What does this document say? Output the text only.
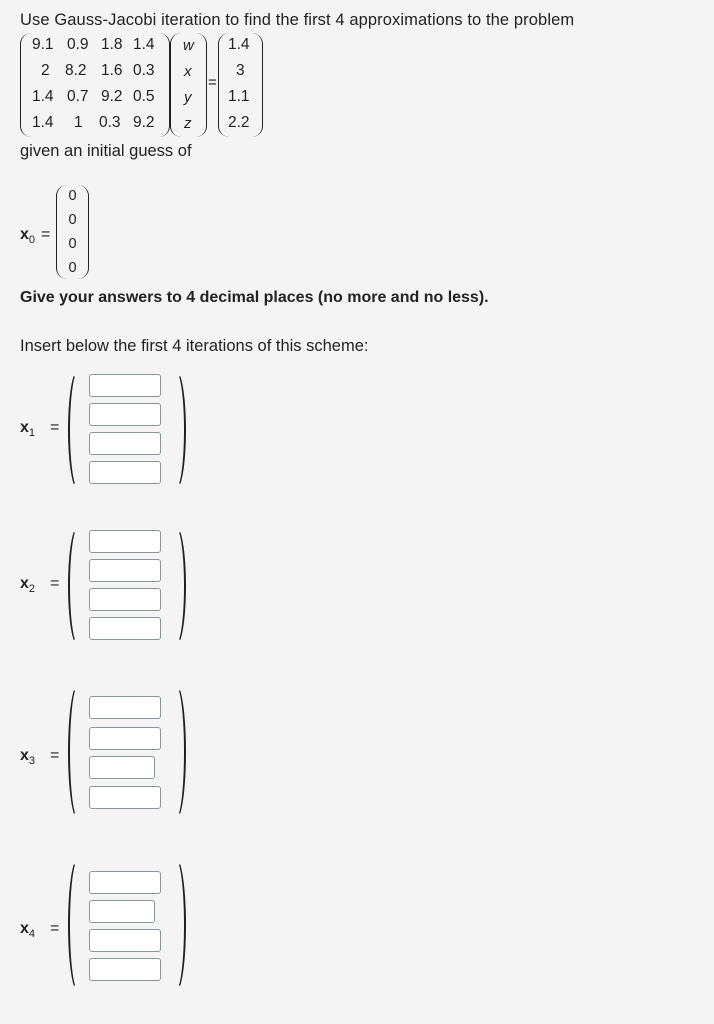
Use Gauss-Jacobi iteration to find the first 4 approximations to the problem
9.1 0.9 1.8 1.4
2 8.2 1.6 0.3
1.4 0.7 9.2 0.5
1.4 1 0.3 9.2
w
x
y
z
=
1.4
3
1.1
2.2
given an initial guess of
$x_0$ =
0
0
0
0
Give your answers to 4 decimal places (no more and no less).
Insert below the first 4 iterations of this scheme:
$x_1$ =
$x_2$ =
$x_3$ =
$x_4$ =
